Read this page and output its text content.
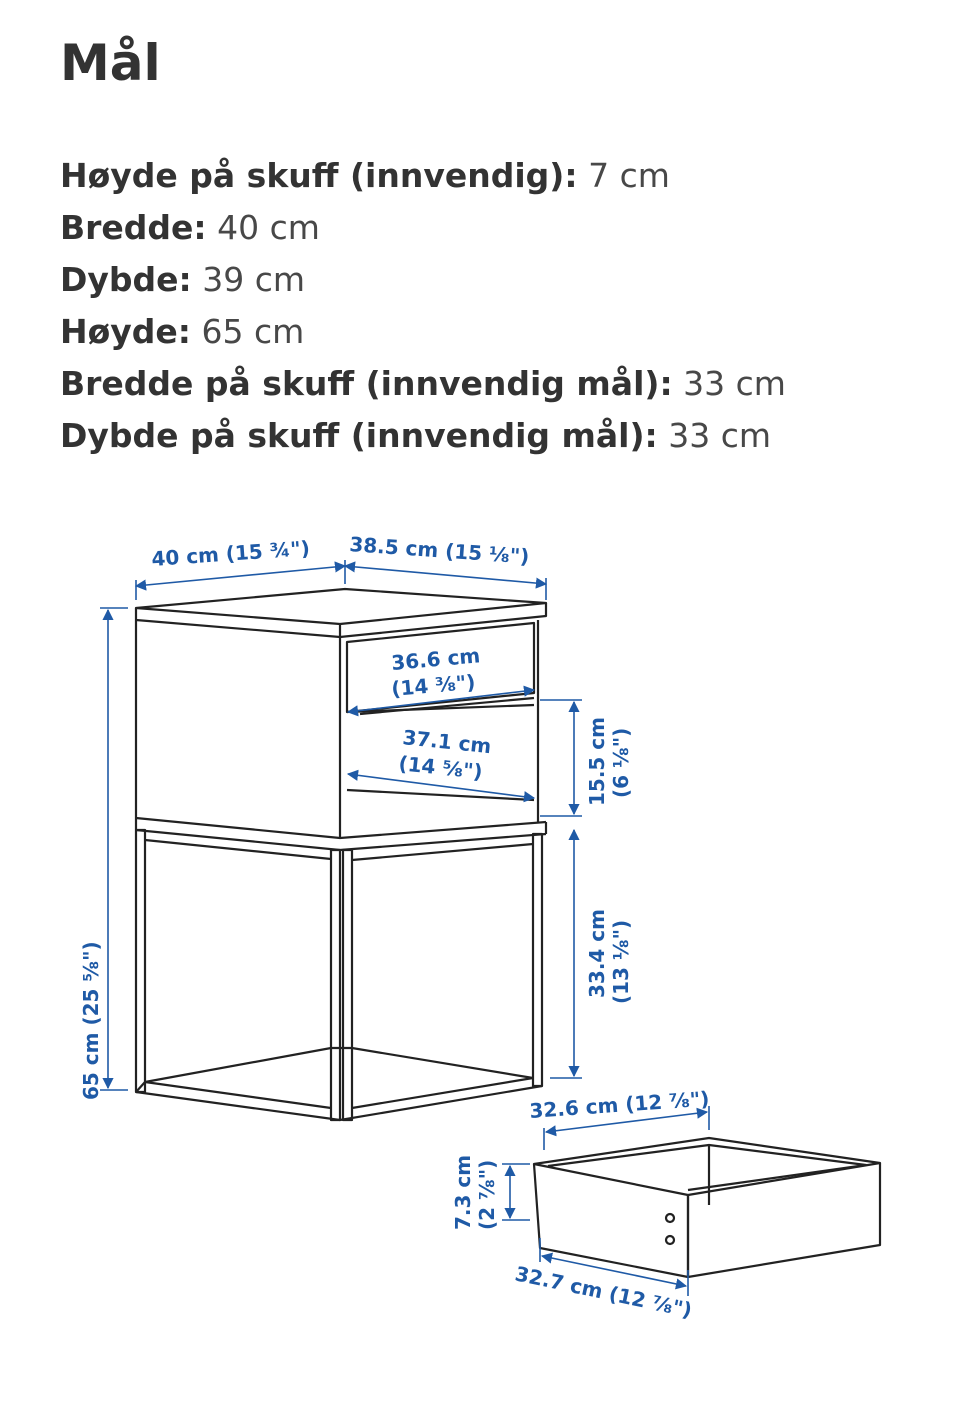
Mål
Høyde på skuff (innvendig): 7 cm
Bredde: 40 cm
Dybde: 39 cm
Høyde: 65 cm
Bredde på skuff (innvendig mål): 33 cm
Dybde på skuff (innvendig mål): 33 cm
40 cm (15 ¾") 38.5 cm (15 ⅛")
65 cm (25 ⅝")
36.6 cm
(14 ⅜")
37.1 cm
(14 ⅝")	15.5 cm (6 ⅛")
33.4 cm (13 ⅛")
32.6 cm (12 ⅞")
7.3 cm (2 ⅞")
32.7 cm (12 ⅞")
